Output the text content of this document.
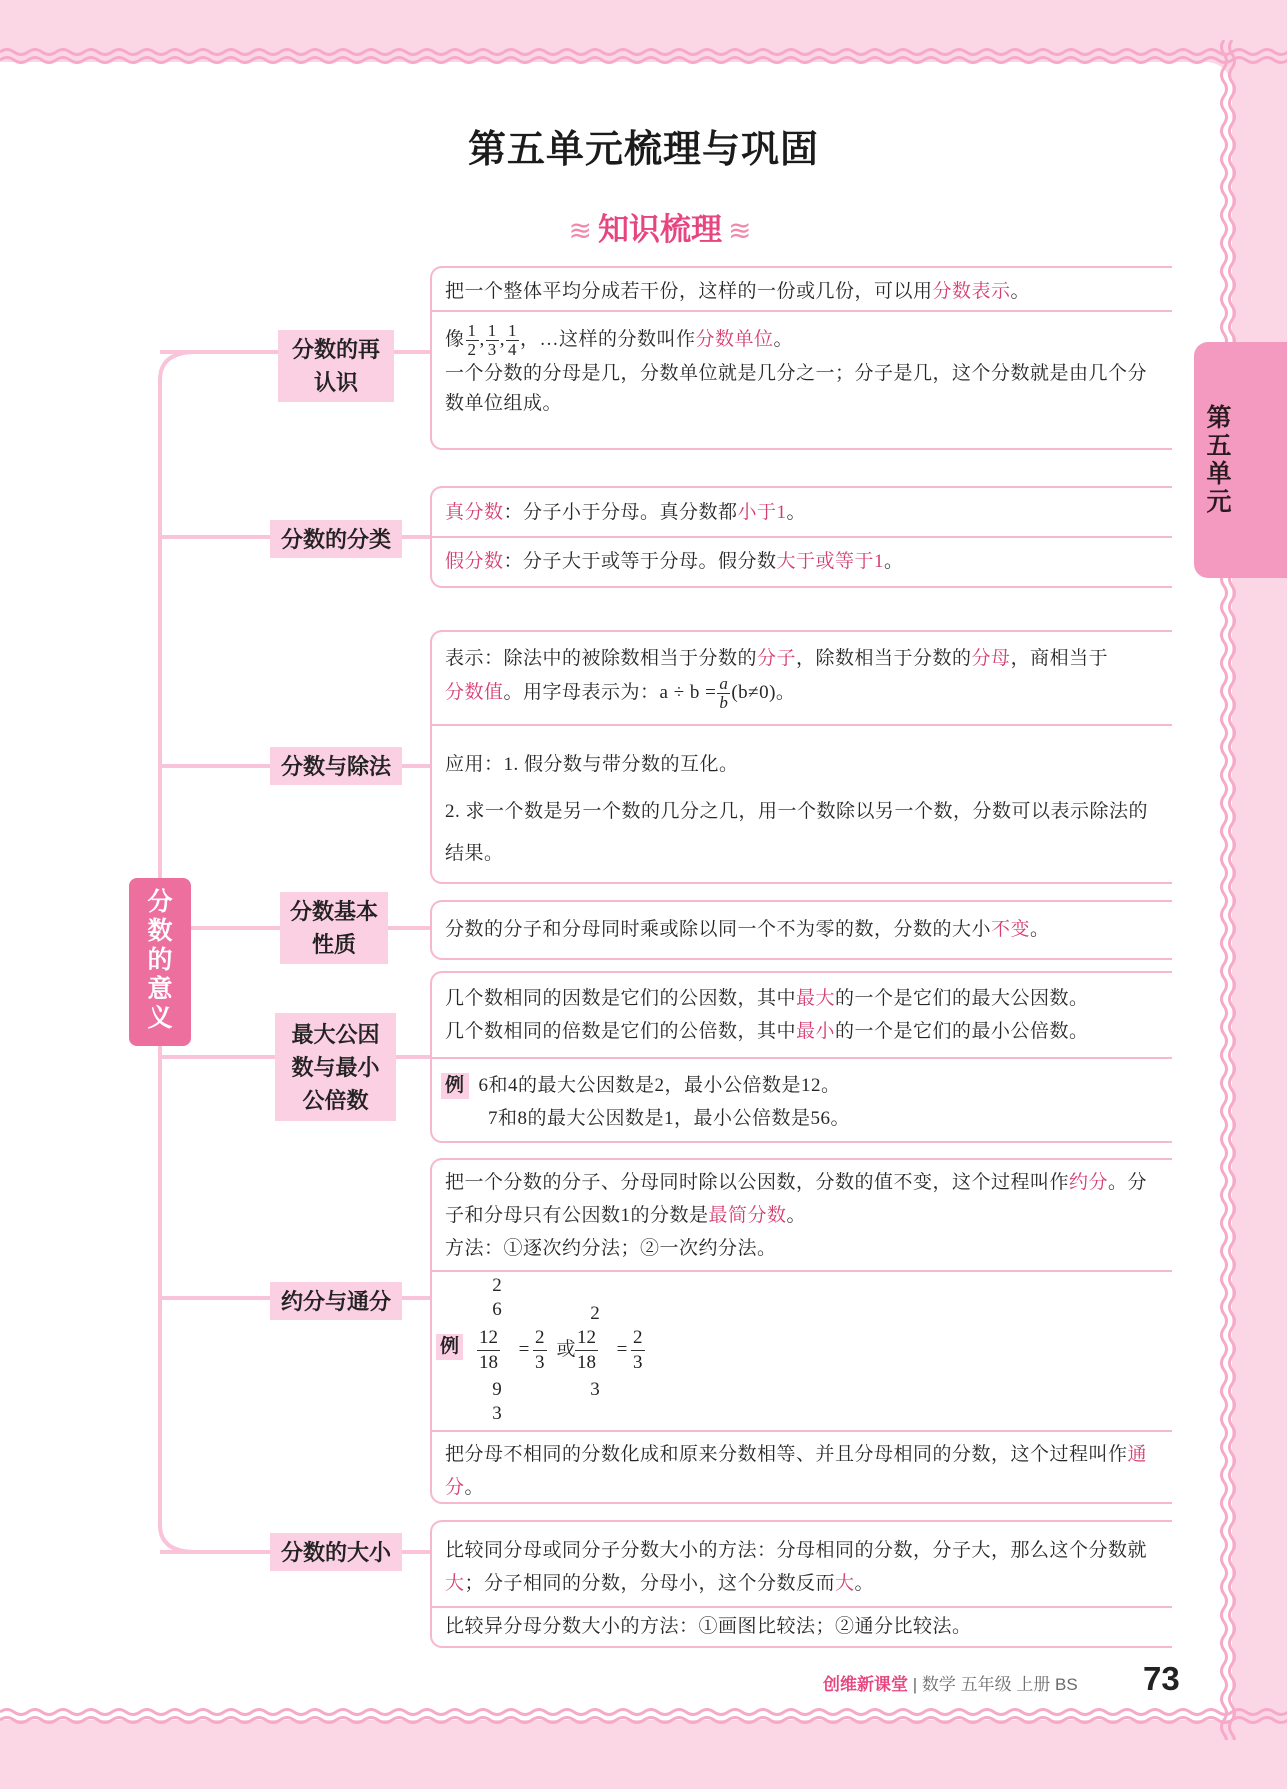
第五单元梳理与巩固
≋ 知识梳理 ≋
第五单元
分数的意义
分数的再认识
分数的分类
分数与除法
分数基本性质
最大公因数与最小公倍数
约分与通分
分数的大小
把一个整体平均分成若干份，这样的一份或几份，可以用分数表示。
像 $\frac{1}{2}$ , $\frac{1}{3}$ , $\frac{1}{4}$ ，…这样的分数叫作分数单位。
一个分数的分母是几，分数单位就是几分之一；分子是几，这个分数就是由几个分数单位组成。
真分数：分子小于分母。真分数都小于1。
假分数：分子大于或等于分母。假分数大于或等于1。
表示：除法中的被除数相当于分数的分子，除数相当于分数的分母，商相当于
分数值。用字母表示为：$a \div b = \frac{a}{b} (b\ne 0)$。
应用：1. 假分数与带分数的互化。
2. 求一个数是另一个数的几分之几，用一个数除以另一个数，分数可以表示除法的结果。
分数的分子和分母同时乘或除以同一个不为零的数，分数的大小不变。
几个数相同的因数是它们的公因数，其中最大的一个是它们的最大公因数。
几个数相同的倍数是它们的公倍数，其中最小的一个是它们的最小公倍数。
例 6和4的最大公因数是2，最小公倍数是12。
7和8的最大公因数是1，最小公倍数是56。
把一个分数的分子、分母同时除以公因数，分数的值不变，这个过程叫作约分。分子和分母只有公因数1的分数是最简分数。
方法：①逐次约分法；②一次约分法。
例
2
6
$\frac{12}{18}$
9
3
= $\frac{2}{3}$ 或
2
$\frac{12}{18}$
3
= $\frac{2}{3}$
把分母不相同的分数化成和原来分数相等、并且分母相同的分数，这个过程叫作通分。
比较同分母或同分子分数大小的方法：分母相同的分数，分子大，那么这个分数就大；分子相同的分数，分母小，这个分数反而大。
比较异分母分数大小的方法：①画图比较法；②通分比较法。
创维新课堂 | 数学 五年级 上册 BS 73
